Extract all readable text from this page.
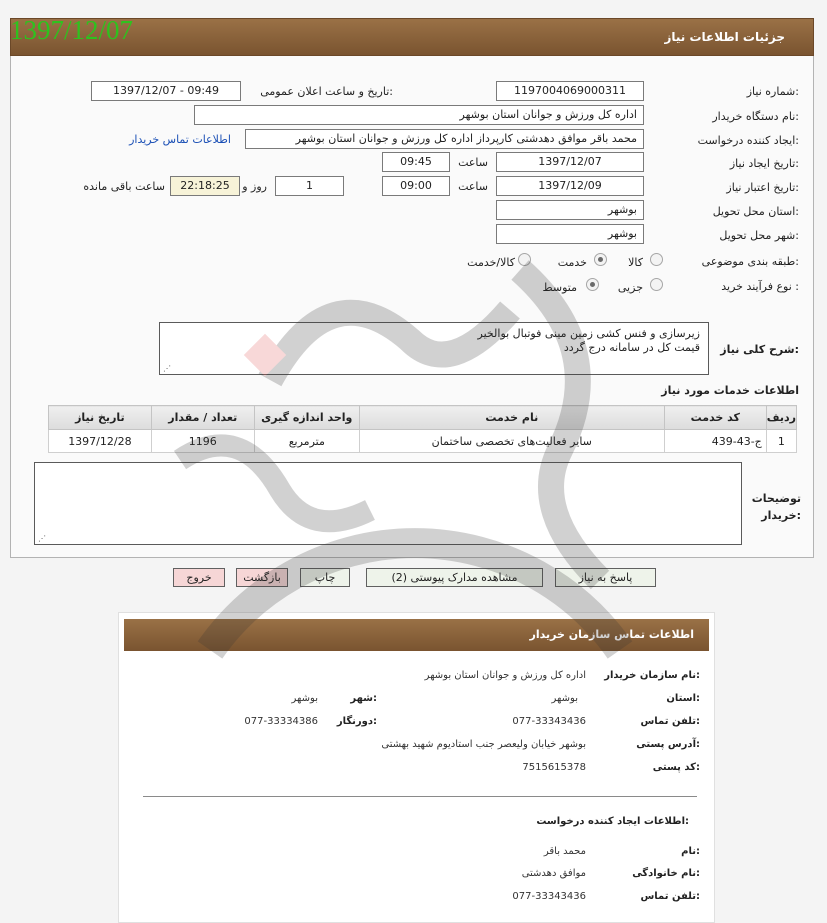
جزئیات اطلاعات نیاز
1397/12/07
شماره نیاز:
1197004069000311
تاریخ و ساعت اعلان عمومی:
1397/12/07 - 09:49
نام دستگاه خریدار:
اداره کل ورزش و جوانان استان بوشهر
ایجاد کننده درخواست:
محمد باقر موافق دهدشتی کارپرداز اداره کل ورزش و جوانان استان بوشهر
اطلاعات تماس خریدار
تاریخ ایجاد نیاز:
1397/12/07
ساعت
09:45
تاریخ اعتبار نیاز:
1397/12/09
ساعت
09:00
1
روز و
22:18:25
ساعت باقی مانده
استان محل تحویل:
بوشهر
شهر محل تحویل:
بوشهر
طبقه بندی موضوعی:
کالا
خدمت
کالا/خدمت
نوع فرآیند خرید :
جزیی
متوسط
شرح کلی نیاز:
زیرسازی و فنس کشی زمین مینی فوتبال بوالخیر
قیمت کل در سامانه درج گردد
⋰
اطلاعات خدمات مورد نیاز
ردیف	کد خدمت	نام خدمت	واحد اندازه گیری	تعداد / مقدار	تاریخ نیاز
1	ج-43-439	سایر فعالیت‌های تخصصی ساختمان	مترمربع	1196	1397/12/28
توضیحات خریدار:
⋰
پاسخ به نیاز
مشاهده مدارک پیوستی (2)
چاپ
بازگشت
خروج
اطلاعات تماس سازمان خریدار
نام سازمان خریدار:
اداره کل ورزش و جوانان استان بوشهر
استان:
بوشهر
شهر:
بوشهر
تلفن تماس:
077-33343436
دورنگار:
077-33334386
آدرس پستی:
بوشهر خیابان ولیعصر جنب استادیوم شهید بهشتی
کد پستی:
7515615378
اطلاعات ایجاد کننده درخواست:
نام:
محمد باقر
نام خانوادگی:
موافق دهدشتی
تلفن تماس:
077-33343436
